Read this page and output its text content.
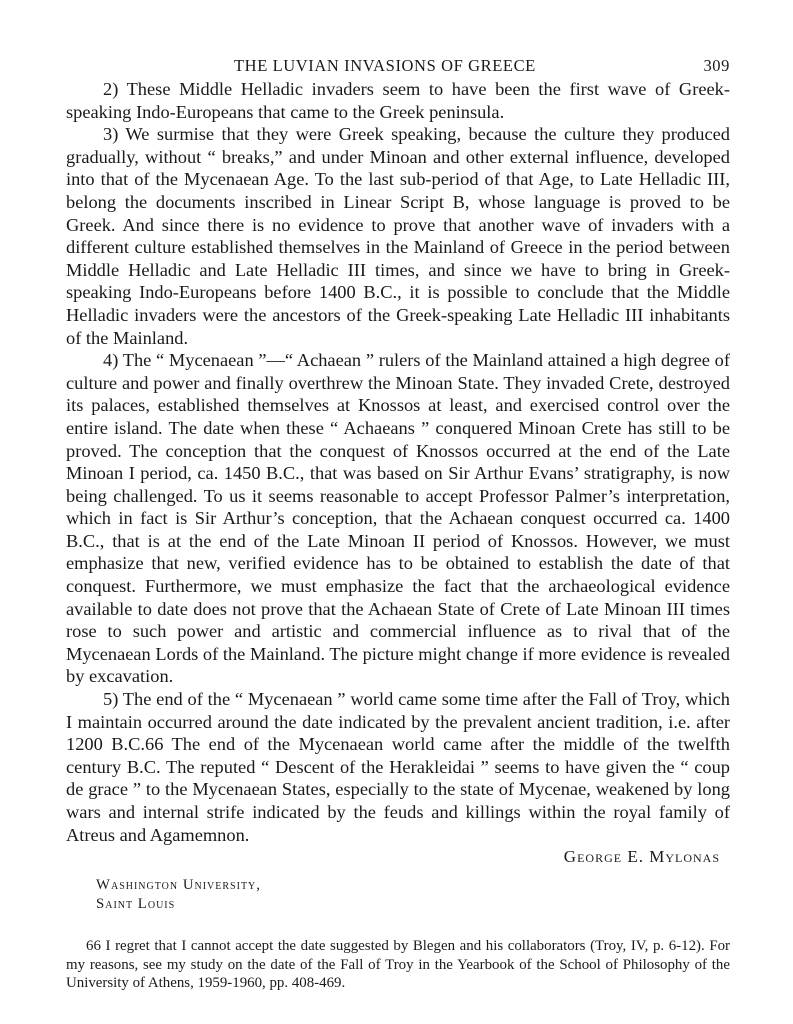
THE LUVIAN INVASIONS OF GREECE	309

2) These Middle Helladic invaders seem to have been the first wave of Greek-speaking Indo-Europeans that came to the Greek peninsula.

3) We surmise that they were Greek speaking, because the culture they produced gradually, without “ breaks,” and under Minoan and other external influence, developed into that of the Mycenaean Age. To the last sub-period of that Age, to Late Helladic III, belong the documents inscribed in Linear Script B, whose language is proved to be Greek. And since there is no evidence to prove that another wave of invaders with a different culture established themselves in the Mainland of Greece in the period between Middle Helladic and Late Helladic III times, and since we have to bring in Greek-speaking Indo-Europeans before 1400 B.C., it is possible to conclude that the Middle Helladic invaders were the ancestors of the Greek-speaking Late Helladic III inhabitants of the Mainland.

4) The “ Mycenaean ”—“ Achaean ” rulers of the Mainland attained a high degree of culture and power and finally overthrew the Minoan State. They invaded Crete, destroyed its palaces, established themselves at Knossos at least, and exercised control over the entire island. The date when these “ Achaeans ” conquered Minoan Crete has still to be proved. The conception that the conquest of Knossos occurred at the end of the Late Minoan I period, ca. 1450 B.C., that was based on Sir Arthur Evans’ stratigraphy, is now being challenged. To us it seems reasonable to accept Professor Palmer’s interpretation, which in fact is Sir Arthur’s conception, that the Achaean conquest occurred ca. 1400 B.C., that is at the end of the Late Minoan II period of Knossos. However, we must emphasize that new, verified evidence has to be obtained to establish the date of that conquest. Furthermore, we must emphasize the fact that the archaeological evidence available to date does not prove that the Achaean State of Crete of Late Minoan III times rose to such power and artistic and commercial influence as to rival that of the Mycenaean Lords of the Mainland. The picture might change if more evidence is revealed by excavation.

5) The end of the “ Mycenaean ” world came some time after the Fall of Troy, which I maintain occurred around the date indicated by the prevalent ancient tradition, i.e. after 1200 B.C.66 The end of the Mycenaean world came after the middle of the twelfth century B.C. The reputed “ Descent of the Herakleidai ” seems to have given the “ coup de grace ” to the Mycenaean States, especially to the state of Mycenae, weakened by long wars and internal strife indicated by the feuds and killings within the royal family of Atreus and Agamemnon.

George E. Mylonas
Washington University,
Saint Louis

66 I regret that I cannot accept the date suggested by Blegen and his collaborators (Troy, IV, p. 6-12). For my reasons, see my study on the date of the Fall of Troy in the Yearbook of the School of Philosophy of the University of Athens, 1959-1960, pp. 408-469.
